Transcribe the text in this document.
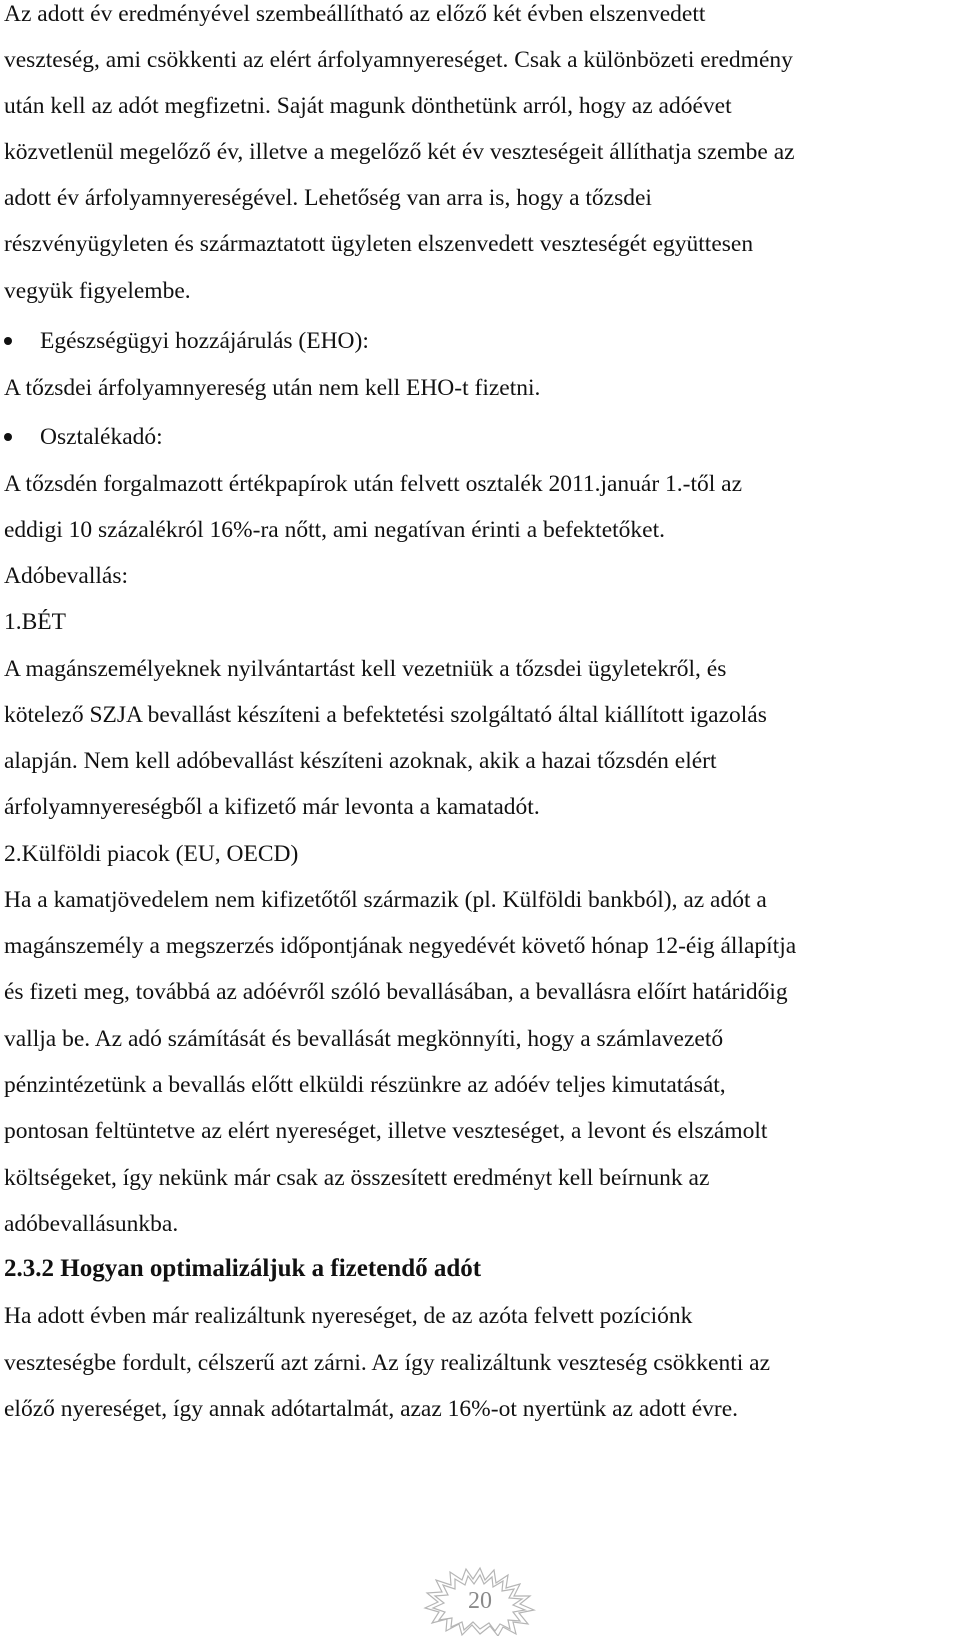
Az adott év eredményével szembeállítható az előző két évben elszenvedett
veszteség, ami csökkenti az elért árfolyamnyereséget. Csak a különbözeti eredmény
után kell az adót megfizetni. Saját magunk dönthetünk arról, hogy az adóévet
közvetlenül megelőző év, illetve a megelőző két év veszteségeit állíthatja szembe az
adott év árfolyamnyereségével. Lehetőség van arra is, hogy a tőzsdei
részvényügyleten és származtatott ügyleten elszenvedett veszteségét együttesen
vegyük figyelembe.
Egészségügyi hozzájárulás (EHO):
A tőzsdei árfolyamnyereség után nem kell EHO-t fizetni.
Osztalékadó:
A tőzsdén forgalmazott értékpapírok után felvett osztalék 2011.január 1.-től az
eddigi 10 százalékról 16%-ra nőtt, ami negatívan érinti a befektetőket.
Adóbevallás:
1.BÉT
A magánszemélyeknek nyilvántartást kell vezetniük a tőzsdei ügyletekről, és
kötelező SZJA bevallást készíteni a befektetési szolgáltató által kiállított igazolás
alapján. Nem kell adóbevallást készíteni azoknak, akik a hazai tőzsdén elért
árfolyamnyereségből a kifizető már levonta a kamatadót.
2.Külföldi piacok (EU, OECD)
Ha a kamatjövedelem nem kifizetőtől származik (pl. Külföldi bankból), az adót a
magánszemély a megszerzés időpontjának negyedévét követő hónap 12-éig állapítja
és fizeti meg, továbbá az adóévről szóló bevallásában, a bevallásra előírt határidőig
vallja be. Az adó számítását és bevallását megkönnyíti, hogy a számlavezető
pénzintézetünk a bevallás előtt elküldi részünkre az adóév teljes kimutatását,
pontosan feltüntetve az elért nyereséget, illetve veszteséget, a levont és elszámolt
költségeket, így nekünk már csak az összesített eredményt kell beírnunk az
adóbevallásunkba.
2.3.2 Hogyan optimalizáljuk a fizetendő adót
Ha adott évben már realizáltunk nyereséget, de az azóta felvett pozíciónk
veszteségbe fordult, célszerű azt zárni. Az így realizáltunk veszteség csökkenti az
előző nyereséget, így annak adótartalmát, azaz 16%-ot nyertünk az adott évre.
20
